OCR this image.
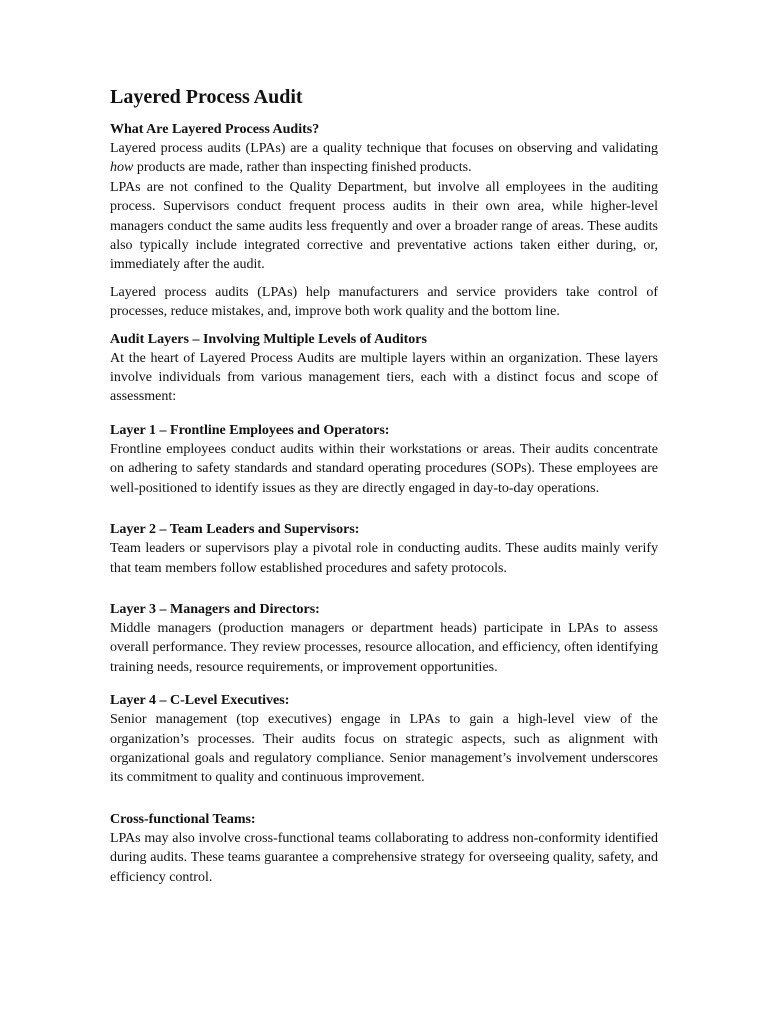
Layered Process Audit
What Are Layered Process Audits?

Layered process audits (LPAs) are a quality technique that focuses on observing and validating how products are made, rather than inspecting finished products.

LPAs are not confined to the Quality Department, but involve all employees in the auditing process. Supervisors conduct frequent process audits in their own area, while higher-level managers conduct the same audits less frequently and over a broader range of areas. These audits also typically include integrated corrective and preventative actions taken either during, or, immediately after the audit.

Layered process audits (LPAs) help manufacturers and service providers take control of processes, reduce mistakes, and, improve both work quality and the bottom line.

Audit Layers – Involving Multiple Levels of Auditors

At the heart of Layered Process Audits are multiple layers within an organization. These layers involve individuals from various management tiers, each with a distinct focus and scope of assessment:

Layer 1 – Frontline Employees and Operators:

Frontline employees conduct audits within their workstations or areas. Their audits concentrate on adhering to safety standards and standard operating procedures (SOPs). These employees are well-positioned to identify issues as they are directly engaged in day-to-day operations.

Layer 2 – Team Leaders and Supervisors:

Team leaders or supervisors play a pivotal role in conducting audits. These audits mainly verify that team members follow established procedures and safety protocols.

Layer 3 – Managers and Directors:

Middle managers (production managers or department heads) participate in LPAs to assess overall performance. They review processes, resource allocation, and efficiency, often identifying training needs, resource requirements, or improvement opportunities.

Layer 4 – C-Level Executives:

Senior management (top executives) engage in LPAs to gain a high-level view of the organization’s processes. Their audits focus on strategic aspects, such as alignment with organizational goals and regulatory compliance. Senior management’s involvement underscores its commitment to quality and continuous improvement.

Cross-functional Teams:

LPAs may also involve cross-functional teams collaborating to address non-conformity identified during audits. These teams guarantee a comprehensive strategy for overseeing quality, safety, and efficiency control.
